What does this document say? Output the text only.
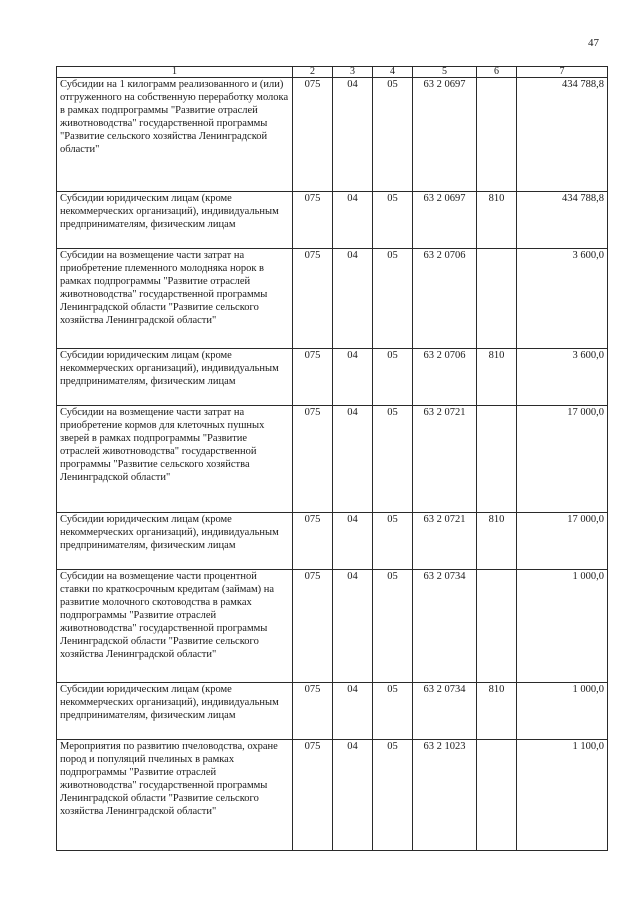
47
1	2	3	4	5	6	7
Субсидии на 1 килограмм реализованного и (или) отгруженного на собственную переработку молока в рамках подпрограммы "Развитие отраслей животноводства" государственной программы "Развитие сельского хозяйства Ленинградской области"	075	04	05	63 2 0697		434 788,8
Субсидии юридическим лицам (кроме некоммерческих организаций), индивидуальным предпринимателям, физическим лицам	075	04	05	63 2 0697	810	434 788,8
Субсидии на возмещение части затрат на приобретение племенного молодняка норок в рамках подпрограммы "Развитие отраслей животноводства" государственной программы Ленинградской области "Развитие сельского хозяйства Ленинградской области"	075	04	05	63 2 0706		3 600,0
Субсидии юридическим лицам (кроме некоммерческих организаций), индивидуальным предпринимателям, физическим лицам	075	04	05	63 2 0706	810	3 600,0
Субсидии на возмещение части затрат на приобретение кормов для клеточных пушных зверей в рамках подпрограммы "Развитие отраслей животноводства" государственной программы "Развитие сельского хозяйства Ленинградской области"	075	04	05	63 2 0721		17 000,0
Субсидии юридическим лицам (кроме некоммерческих организаций), индивидуальным предпринимателям, физическим лицам	075	04	05	63 2 0721	810	17 000,0
Субсидии на возмещение части процентной ставки по краткосрочным кредитам (займам) на развитие молочного скотоводства в рамках подпрограммы "Развитие отраслей животноводства" государственной программы Ленинградской области "Развитие сельского хозяйства Ленинградской области"	075	04	05	63 2 0734		1 000,0
Субсидии юридическим лицам (кроме некоммерческих организаций), индивидуальным предпринимателям, физическим лицам	075	04	05	63 2 0734	810	1 000,0
Мероприятия по развитию пчеловодства, охране пород и популяций пчелиных в рамках подпрограммы "Развитие отраслей животноводства" государственной программы Ленинградской области "Развитие сельского хозяйства Ленинградской области"	075	04	05	63 2 1023		1 100,0
